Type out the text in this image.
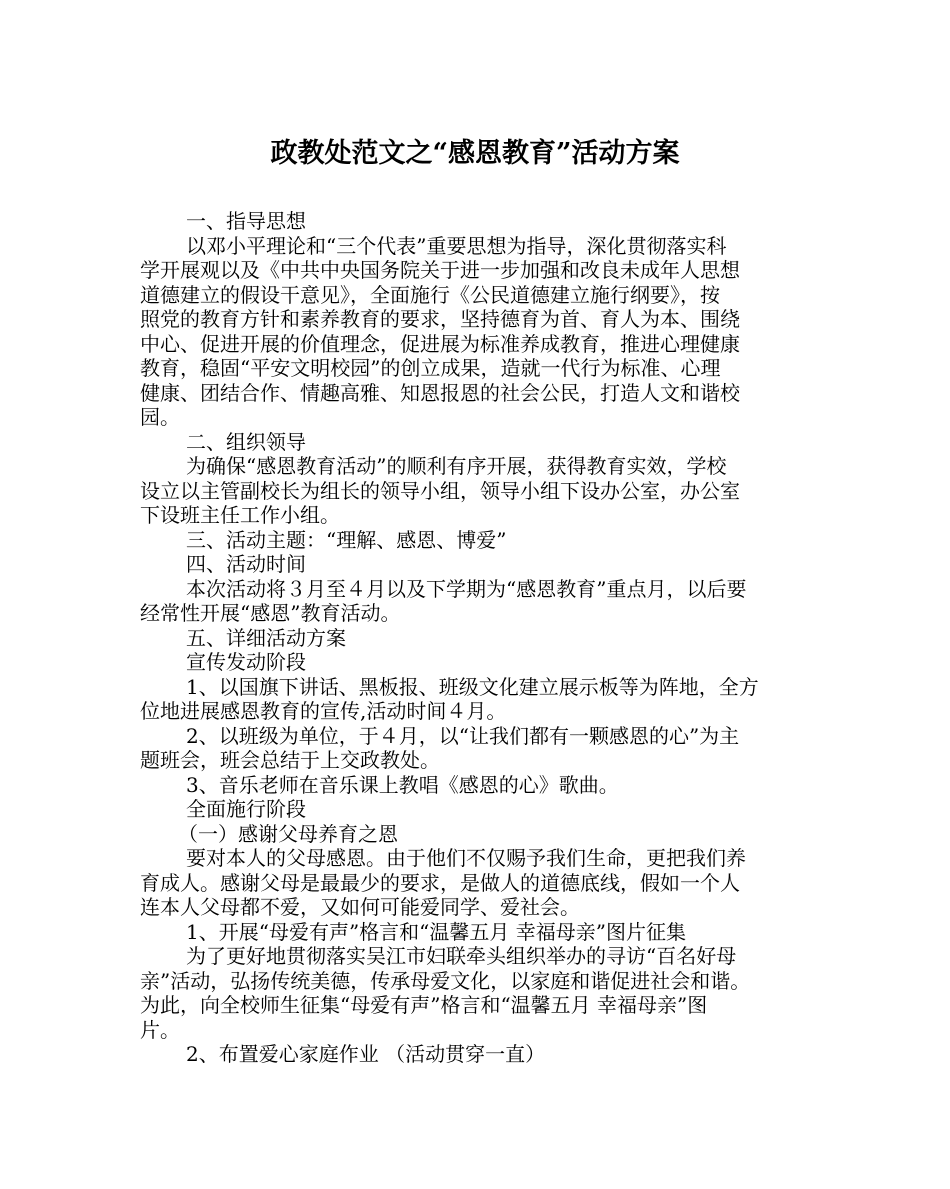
政教处范文之“感恩教育”活动方案

一、指导思想

以邓小平理论和“三个代表”重要思想为指导，深化贯彻落实科

学开展观以及《中共中央国务院关于进一步加强和改良未成年人思想

道德建立的假设干意见》，全面施行《公民道德建立施行纲要》，按

照党的教育方针和素养教育的要求，坚持德育为首、育人为本、围绕

中心、促进开展的价值理念，促进展为标准养成教育，推进心理健康

教育，稳固“平安文明校园”的创立成果，造就一代行为标准、心理

健康、团结合作、情趣高雅、知恩报恩的社会公民，打造人文和谐校

园。

二、组织领导

为确保“感恩教育活动”的顺利有序开展，获得教育实效，学校

设立以主管副校长为组长的领导小组，领导小组下设办公室，办公室

下设班主任工作小组。

三、活动主题：“理解、感恩、博爱”

四、活动时间

本次活动将３月至４月以及下学期为“感恩教育”重点月，以后要

经常性开展“感恩”教育活动。

五、详细活动方案

宣传发动阶段

1、以国旗下讲话、黑板报、班级文化建立展示板等为阵地，全方

位地进展感恩教育的宣传,活动时间４月。

2、以班级为单位，于４月，以“让我们都有一颗感恩的心”为主

题班会，班会总结于上交政教处。

3、音乐老师在音乐课上教唱《感恩的心》歌曲。

全面施行阶段

（一）感谢父母养育之恩

要对本人的父母感恩。由于他们不仅赐予我们生命，更把我们养

育成人。感谢父母是最最少的要求，是做人的道德底线，假如一个人

连本人父母都不爱，又如何可能爱同学、爱社会。

1、开展“母爱有声”格言和“温馨五月 幸福母亲”图片征集

为了更好地贯彻落实吴江市妇联牵头组织举办的寻访“百名好母

亲”活动，弘扬传统美德，传承母爱文化，以家庭和谐促进社会和谐。

为此，向全校师生征集“母爱有声”格言和“温馨五月 幸福母亲”图

片。

2、布置爱心家庭作业 （活动贯穿一直）
